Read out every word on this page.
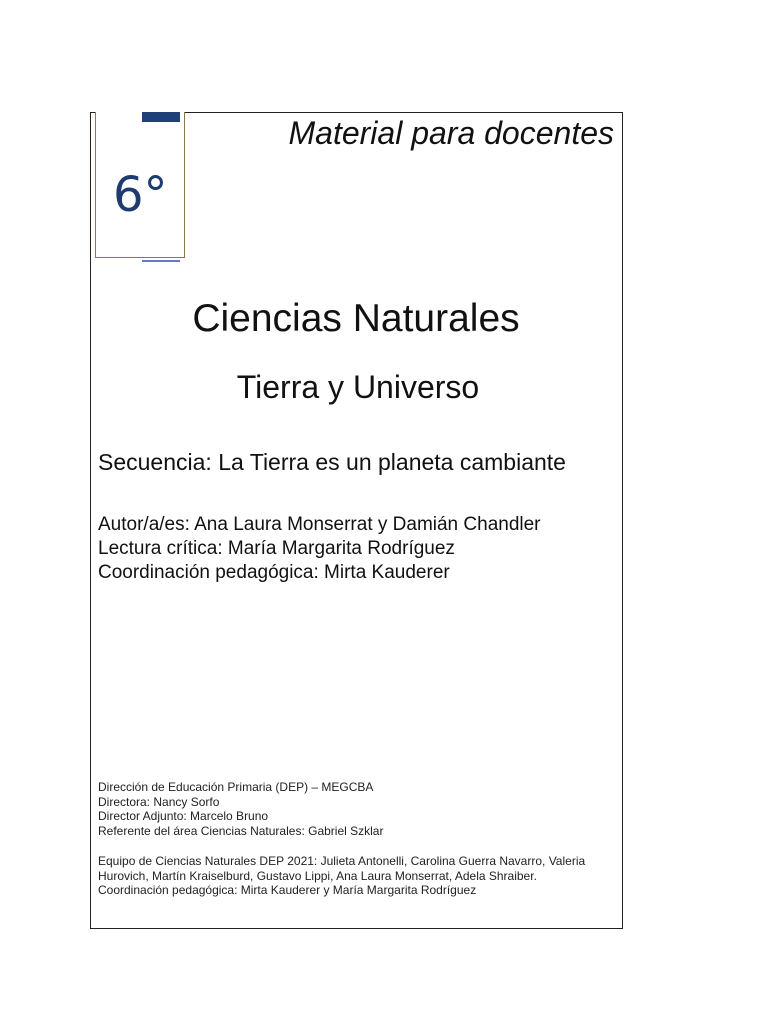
6°
Material para docentes
Ciencias Naturales
Tierra y Universo
Secuencia: La Tierra es un planeta cambiante
Autor/a/es: Ana Laura Monserrat y Damián Chandler
Lectura crítica: María Margarita Rodríguez
Coordinación pedagógica: Mirta Kauderer
Dirección de Educación Primaria (DEP) – MEGCBA
Directora: Nancy Sorfo
Director Adjunto: Marcelo Bruno
Referente del área Ciencias Naturales: Gabriel Szklar
Equipo de Ciencias Naturales DEP 2021: Julieta Antonelli, Carolina Guerra Navarro, Valeria Hurovich, Martín Kraiselburd, Gustavo Lippi, Ana Laura Monserrat, Adela Shraiber.
Coordinación pedagógica: Mirta Kauderer y María Margarita Rodríguez
